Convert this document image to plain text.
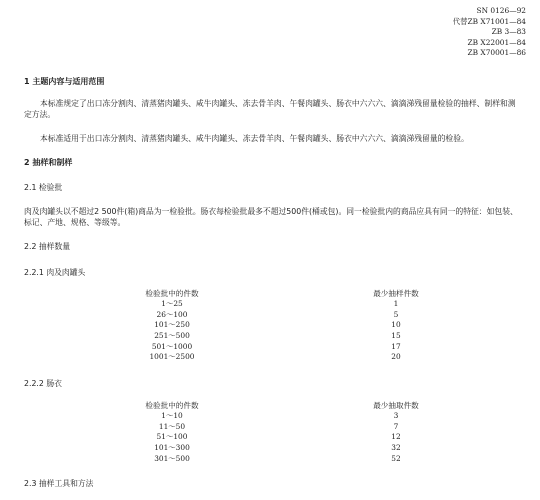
SN 0126—92
代替ZB X71001—84
ZB 3—83
ZB X22001—84
ZB X70001—86
1 主题内容与适用范围
本标准规定了出口冻分割肉、清蒸猪肉罐头、咸牛肉罐头、冻去骨羊肉、午餐肉罐头、肠衣中六六六、滴滴涕残留量检验的抽样、制样和测定方法。
本标准适用于出口冻分割肉、清蒸猪肉罐头、咸牛肉罐头、冻去骨羊肉、午餐肉罐头、肠衣中六六六、滴滴涕残留量的检验。
2 抽样和制样
2.1 检验批
肉及肉罐头以不超过2 500件(箱)商品为一检验批。肠衣每检验批最多不超过500件(桶或包)。同一检验批内的商品应具有同一的特征：如包装、标记、产地、规格、等级等。
2.2 抽样数量
2.2.1 肉及肉罐头
检验批中的件数	最少抽样件数
1～25
26～100
101～250
251～500
501～1000
1001～2500
1
5
10
15
17
20
2.2.2 肠衣
检验批中的件数	最少抽取件数
1～10
11～50
51～100
101～300
301～500
3
7
12
32
52
2.3 抽样工具和方法
